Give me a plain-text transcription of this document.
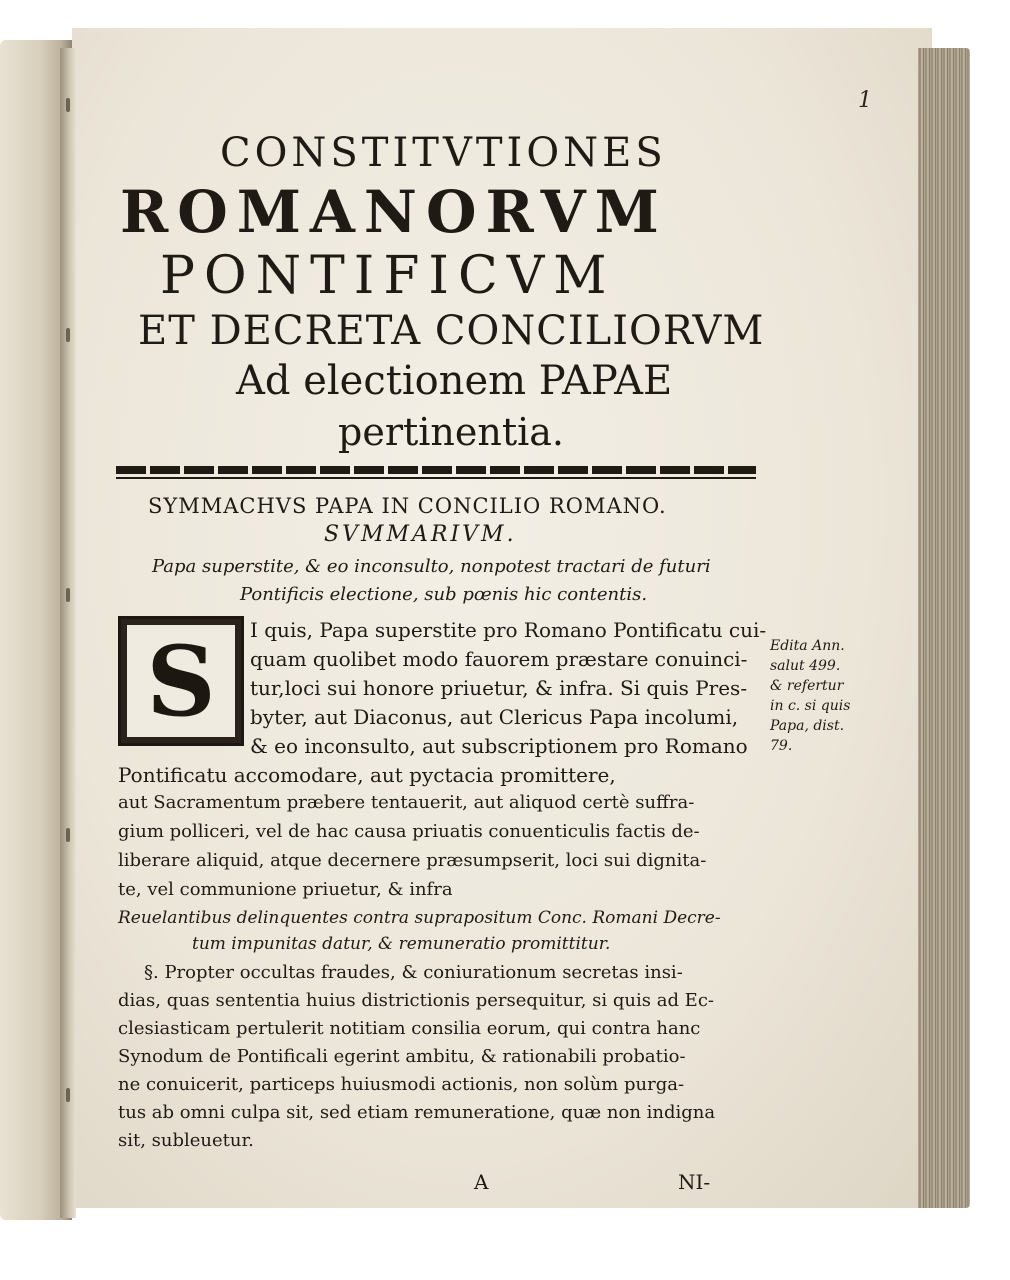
1
CONSTITVTIONES
ROMANORVM
PONTIFICVM
ET DECRETA CONCILIORVM
Ad electionem PAPAE
pertinentia.
SYMMACHVS PAPA IN CONCILIO ROMANO.
SVMMARIVM.
Papa superstite, & eo inconsulto, nonpotest tractari de futuri
Pontificis electione, sub pœnis hic contentis.
S I quis, Papa superstite pro Romano Pontificatu cui-
quam quolibet modo fauorem præstare conuinci-
tur,loci sui honore priuetur, & infra. Si quis Pres-
byter, aut Diaconus, aut Clericus Papa incolumi,
& eo inconsulto, aut subscriptionem pro Romano
Pontificatu accomodare, aut pyctacia promittere,
aut Sacramentum præbere tentauerit, aut aliquod certè suffra-
gium polliceri, vel de hac causa priuatis conuenticulis factis de-
liberare aliquid, atque decernere præsumpserit, loci sui dignita-
te, vel communione priuetur, & infra
Reuelantibus delinquentes contra suprapositum Conc. Romani Decre-
tum impunitas datur, & remuneratio promittitur.
§. Propter occultas fraudes, & coniurationum secretas insi-
dias, quas sententia huius districtionis persequitur, si quis ad Ec-
clesiasticam pertulerit notitiam consilia eorum, qui contra hanc
Synodum de Pontificali egerint ambitu, & rationabili probatio-
ne conuicerit, particeps huiusmodi actionis, non solùm purga-
tus ab omni culpa sit, sed etiam remuneratione, quæ non indigna
sit, subleuetur.
Edita Ann.
salut 499.
& refertur
in c. si quis
Papa, dist.
79.
A	NI-
